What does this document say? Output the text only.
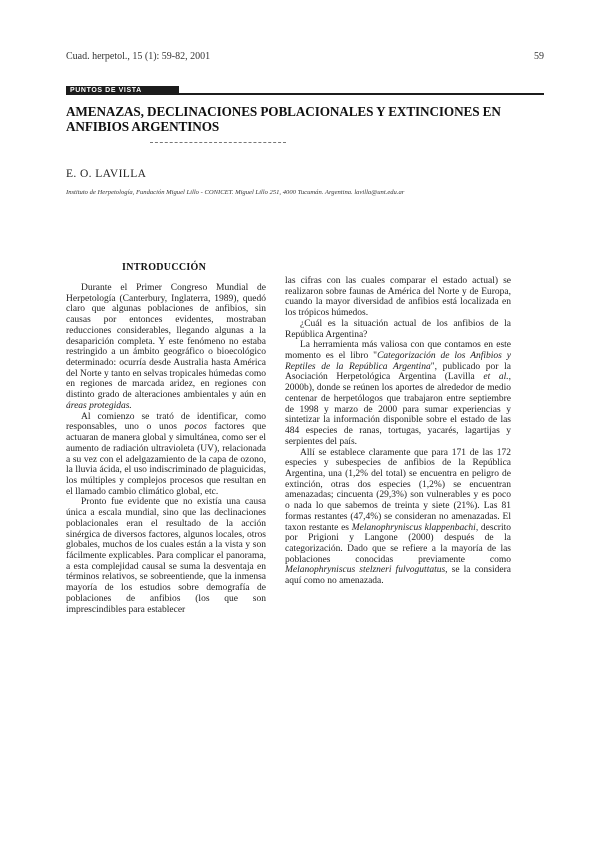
Cuad. herpetol., 15 (1): 59-82, 2001	59
PUNTOS DE VISTA
AMENAZAS, DECLINACIONES POBLACIONALES Y EXTINCIONES EN ANFIBIOS ARGENTINOS
E. O. LAVILLA
Instituto de Herpetología, Fundación Miguel Lillo - CONICET. Miguel Lillo 251, 4000 Tucumán. Argentina. lavilla@unt.edu.ar
INTRODUCCIÓN

Durante el Primer Congreso Mundial de Herpetología (Canterbury, Inglaterra, 1989), quedó claro que algunas poblaciones de anfibios, sin causas por entonces evidentes, mostraban reducciones considerables, llegando algunas a la desaparición completa. Y este fenómeno no estaba restringido a un ámbito geográfico o bioecológico determinado: ocurría desde Australia hasta América del Norte y tanto en selvas tropicales húmedas como en regiones de marcada aridez, en regiones con distinto grado de alteraciones ambientales y aún en áreas protegidas.

Al comienzo se trató de identificar, como responsables, uno o unos pocos factores que actuaran de manera global y simultánea, como ser el aumento de radiación ultravioleta (UV), relacionada a su vez con el adelgazamiento de la capa de ozono, la lluvia ácida, el uso indiscriminado de plaguicidas, los múltiples y complejos procesos que resultan en el llamado cambio climático global, etc.

Pronto fue evidente que no existía una causa única a escala mundial, sino que las declinaciones poblacionales eran el resultado de la acción sinérgica de diversos factores, algunos locales, otros globales, muchos de los cuales están a la vista y son fácilmente explicables. Para complicar el panorama, a esta complejidad causal se suma la desventaja en términos relativos, se sobreentiende, que la inmensa mayoría de los estudios sobre demografía de poblaciones de anfibios (los que son imprescindibles para establecer

las cifras con las cuales comparar el estado actual) se realizaron sobre faunas de América del Norte y de Europa, cuando la mayor diversidad de anfibios está localizada en los trópicos húmedos.

¿Cuál es la situación actual de los anfibios de la República Argentina?

La herramienta más valiosa con que contamos en este momento es el libro "Categorización de los Anfibios y Reptiles de la República Argentina", publicado por la Asociación Herpetológica Argentina (Lavilla et al., 2000b), donde se reúnen los aportes de alrededor de medio centenar de herpetólogos que trabajaron entre septiembre de 1998 y marzo de 2000 para sumar experiencias y sintetizar la información disponible sobre el estado de las 484 especies de ranas, tortugas, yacarés, lagartijas y serpientes del país.

Allí se establece claramente que para 171 de las 172 especies y subespecies de anfibios de la República Argentina, una (1,2% del total) se encuentra en peligro de extinción, otras dos especies (1,2%) se encuentran amenazadas; cincuenta (29,3%) son vulnerables y es poco o nada lo que sabemos de treinta y siete (21%). Las 81 formas restantes (47,4%) se consideran no amenazadas. El taxon restante es Melanophryniscus klappenbachi, descrito por Prigioni y Langone (2000) después de la categorización. Dado que se refiere a la mayoría de las poblaciones conocidas previamente como Melanophryniscus stelzneri fulvoguttatus, se la considera aquí como no amenazada.
